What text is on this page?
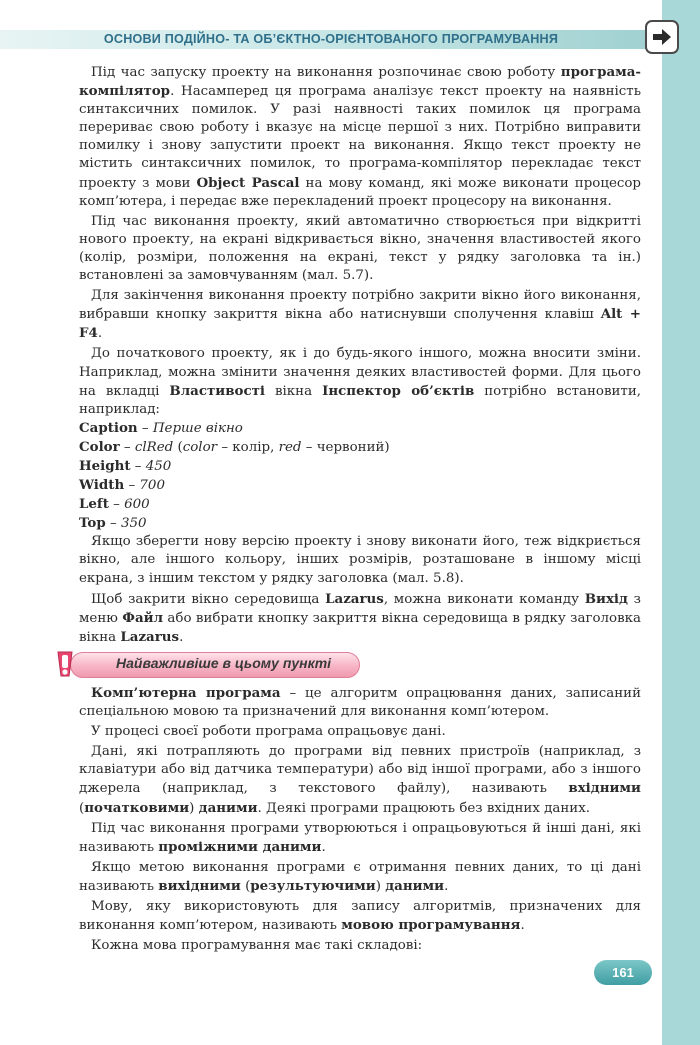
ОСНОВИ ПОДІЙНО- ТА ОБ’ЄКТНО-ОРІЄНТОВАНОГО ПРОГРАМУВАННЯ

Під час запуску проекту на виконання розпочинає свою роботу програма-компілятор. Насамперед ця програма аналізує текст проекту на наявність синтаксичних помилок. У разі наявності таких помилок ця програма перериває свою роботу і вказує на місце першої з них. Потрібно виправити помилку і знову запустити проект на виконання. Якщо текст проекту не містить синтаксичних помилок, то програма-компілятор перекладає текст проекту з мови Object Pascal на мову команд, які може виконати процесор комп’ютера, і передає вже перекладений проект процесору на виконання.

Під час виконання проекту, який автоматично створюється при відкритті нового проекту, на екрані відкривається вікно, значення властивостей якого (колір, розміри, положення на екрані, текст у рядку заголовка та ін.) встановлені за замовчуванням (мал. 5.7).

Для закінчення виконання проекту потрібно закрити вікно його виконання, вибравши кнопку закриття вікна або натиснувши сполучення клавіш Alt + F4.

До початкового проекту, як і до будь-якого іншого, можна вносити зміни. Наприклад, можна змінити значення деяких властивостей форми. Для цього на вкладці Властивості вікна Інспектор об’єктів потрібно встановити, наприклад:

Caption – Перше вікно

Color – clRed (color – колір, red – червоний)

Height – 450

Width – 700

Left – 600

Top – 350

Якщо зберегти нову версію проекту і знову виконати його, теж відкриється вікно, але іншого кольору, інших розмірів, розташоване в іншому місці екрана, з іншим текстом у рядку заголовка (мал. 5.8).

Щоб закрити вікно середовища Lazarus, можна виконати команду Вихід з меню Файл або вибрати кнопку закриття вікна середовища в рядку заголовка вікна Lazarus.

Найважливіше в цьому пункті

Комп’ютерна програма – це алгоритм опрацювання даних, записаний спеціальною мовою та призначений для виконання комп’ютером.

У процесі своєї роботи програма опрацьовує дані.

Дані, які потрапляють до програми від певних пристроїв (наприклад, з клавіатури або від датчика температури) або від іншої програми, або з іншого джерела (наприклад, з текстового файлу), називають вхідними (початковими) даними. Деякі програми працюють без вхідних даних.

Під час виконання програми утворюються і опрацьовуються й інші дані, які називають проміжними даними.

Якщо метою виконання програми є отримання певних даних, то ці дані називають вихідними (результуючими) даними.

Мову, яку використовують для запису алгоритмів, призначених для виконання комп’ютером, називають мовою програмування.

Кожна мова програмування має такі складові:

161
